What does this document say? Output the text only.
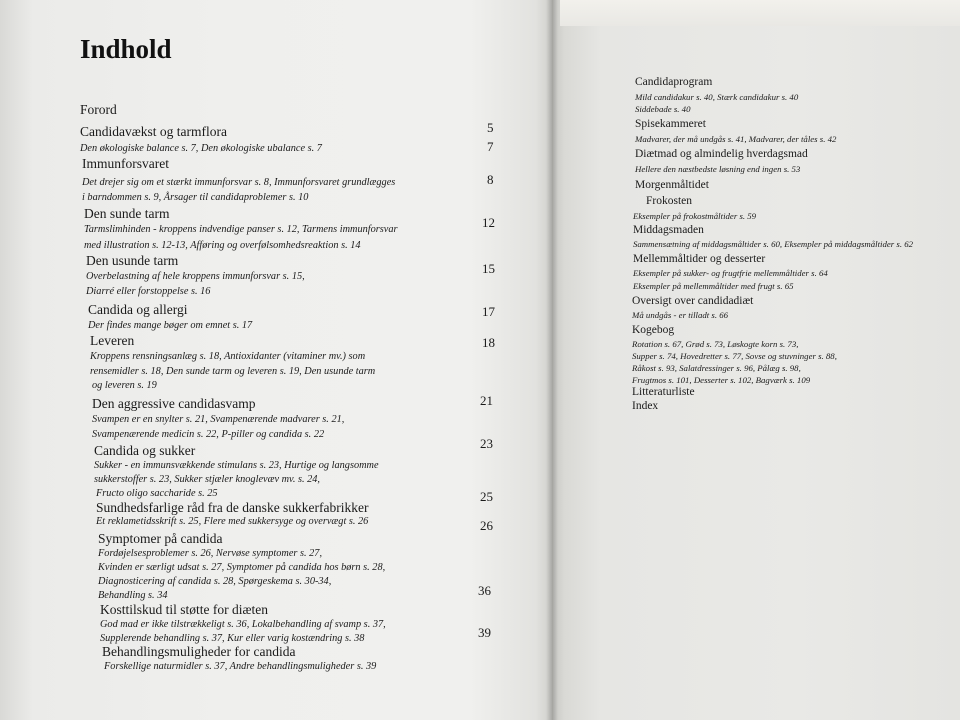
Indhold
Forord
Candidavækst og tarmflora
Den økologiske balance s. 7, Den økologiske ubalance s. 7
Immunforsvaret
Det drejer sig om et stærkt immunforsvar s. 8, Immunforsvaret grundlægges
i barndommen s. 9, Årsager til candidaproblemer s. 10
Den sunde tarm
Tarmslimhinden - kroppens indvendige panser s. 12, Tarmens immunforsvar
med illustration s. 12-13, Afføring og overfølsomhedsreaktion s. 14
Den usunde tarm
Overbelastning af hele kroppens immunforsvar s. 15,
Diarré eller forstoppelse s. 16
Candida og allergi
Der findes mange bøger om emnet s. 17
Leveren
Kroppens rensningsanlæg s. 18, Antioxidanter (vitaminer mv.) som
rensemidler s. 18, Den sunde tarm og leveren s. 19, Den usunde tarm
og leveren s. 19
Den aggressive candidasvamp
Svampen er en snylter s. 21, Svampenærende madvarer s. 21,
Svampenærende medicin s. 22, P-piller og candida s. 22
Candida og sukker
Sukker - en immunsvækkende stimulans s. 23, Hurtige og langsomme
sukkerstoffer s. 23, Sukker stjæler knoglevæv mv. s. 24,
Fructo oligo saccharide s. 25
Sundhedsfarlige råd fra de danske sukkerfabrikker
Et reklametidsskrift s. 25, Flere med sukkersyge og overvægt s. 26
Symptomer på candida
Fordøjelsesproblemer s. 26, Nervøse symptomer s. 27,
Kvinden er særligt udsat s. 27, Symptomer på candida hos børn s. 28,
Diagnosticering af candida s. 28, Spørgeskema s. 30-34,
Behandling s. 34
Kosttilskud til støtte for diæten
God mad er ikke tilstrækkeligt s. 36, Lokalbehandling af svamp s. 37,
Supplerende behandling s. 37, Kur eller varig kostændring s. 38
Behandlingsmuligheder for candida
Forskellige naturmidler s. 37, Andre behandlingsmuligheder s. 39
5
7
8
12
15
17
18
21
23
25
26
36
39
Candidaprogram
Mild candidakur s. 40, Stærk candidakur s. 40
Siddebade s. 40
Spisekammeret
Madvarer, der må undgås s. 41, Madvarer, der tåles s. 42
Diætmad og almindelig hverdagsmad
Hellere den næstbedste løsning end ingen s. 53
Morgenmåltidet
Frokosten
Eksempler på frokostmåltider s. 59
Middagsmaden
Sammensætning af middagsmåltider s. 60, Eksempler på middagsmåltider s. 62
Mellemmåltider og desserter
Eksempler på sukker- og frugtfrie mellemmåltider s. 64
Eksempler på mellemmåltider med frugt s. 65
Oversigt over candidadiæt
Må undgås - er tilladt s. 66
Kogebog
Rotation s. 67, Grød s. 73, Løskogte korn s. 73,
Supper s. 74, Hovedretter s. 77, Sovse og stuvninger s. 88,
Råkost s. 93, Salatdressinger s. 96, Pålæg s. 98,
Frugtmos s. 101, Desserter s. 102, Bagværk s. 109
Litteraturliste
Index
